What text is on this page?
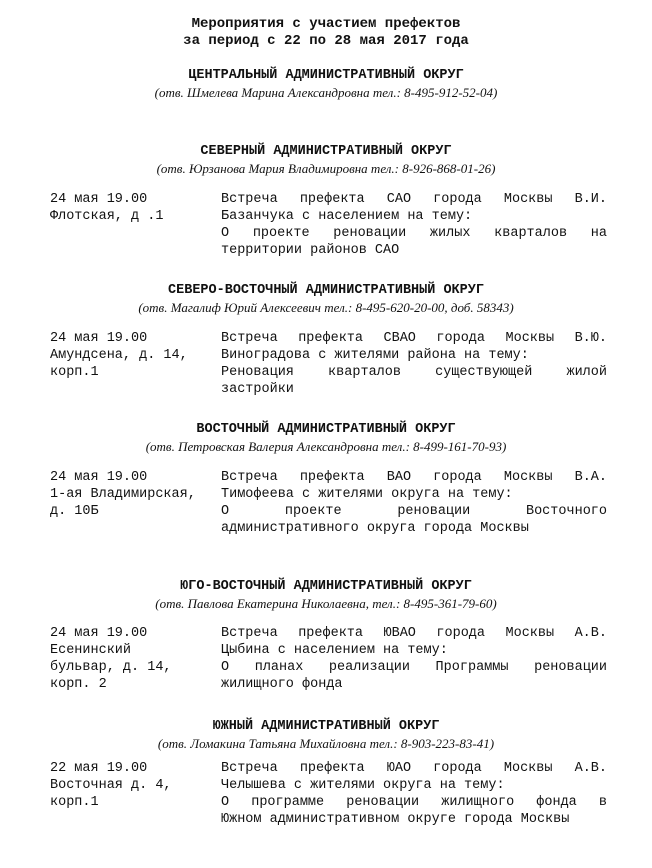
Мероприятия с участием префектов
за период с 22 по 28 мая 2017 года
ЦЕНТРАЛЬНЫЙ АДМИНИСТРАТИВНЫЙ ОКРУГ
(отв. Шмелева Марина Александровна тел.: 8-495-912-52-04)
СЕВЕРНЫЙ АДМИНИСТРАТИВНЫЙ ОКРУГ
(отв. Юрзанова Мария Владимировна тел.: 8-926-868-01-26)
24 мая 19.00
Флотская, д .1
Встреча префекта САО города Москвы В.И.
Базанчука с населением на тему:
О проекте реновации жилых кварталов на
территории районов САО
СЕВЕРО-ВОСТОЧНЫЙ АДМИНИСТРАТИВНЫЙ ОКРУГ
(отв. Магалиф Юрий Алексеевич тел.: 8-495-620-20-00, доб. 58343)
24 мая 19.00
Амундсена, д. 14,
корп.1
Встреча префекта СВАО города Москвы В.Ю.
Виноградова с жителями района на тему:
Реновация кварталов существующей жилой
застройки
ВОСТОЧНЫЙ АДМИНИСТРАТИВНЫЙ ОКРУГ
(отв. Петровская Валерия Александровна тел.: 8-499-161-70-93)
24 мая 19.00
1-ая Владимирская,
д. 10Б
Встреча префекта ВАО города Москвы В.А.
Тимофеева с жителями округа на тему:
О проекте реновации Восточного
административного округа города Москвы
ЮГО-ВОСТОЧНЫЙ АДМИНИСТРАТИВНЫЙ ОКРУГ
(отв. Павлова Екатерина Николаевна, тел.: 8-495-361-79-60)
24 мая 19.00
Есенинский
бульвар, д. 14,
корп. 2
Встреча префекта ЮВАО города Москвы А.В.
Цыбина с населением на тему:
О планах реализации Программы реновации
жилищного фонда
ЮЖНЫЙ АДМИНИСТРАТИВНЫЙ ОКРУГ
(отв. Ломакина Татьяна Михайловна тел.: 8-903-223-83-41)
22 мая 19.00
Восточная д. 4,
корп.1
Встреча префекта ЮАО города Москвы А.В.
Челышева с жителями округа на тему:
О программе реновации жилищного фонда в
Южном административном округе города Москвы
